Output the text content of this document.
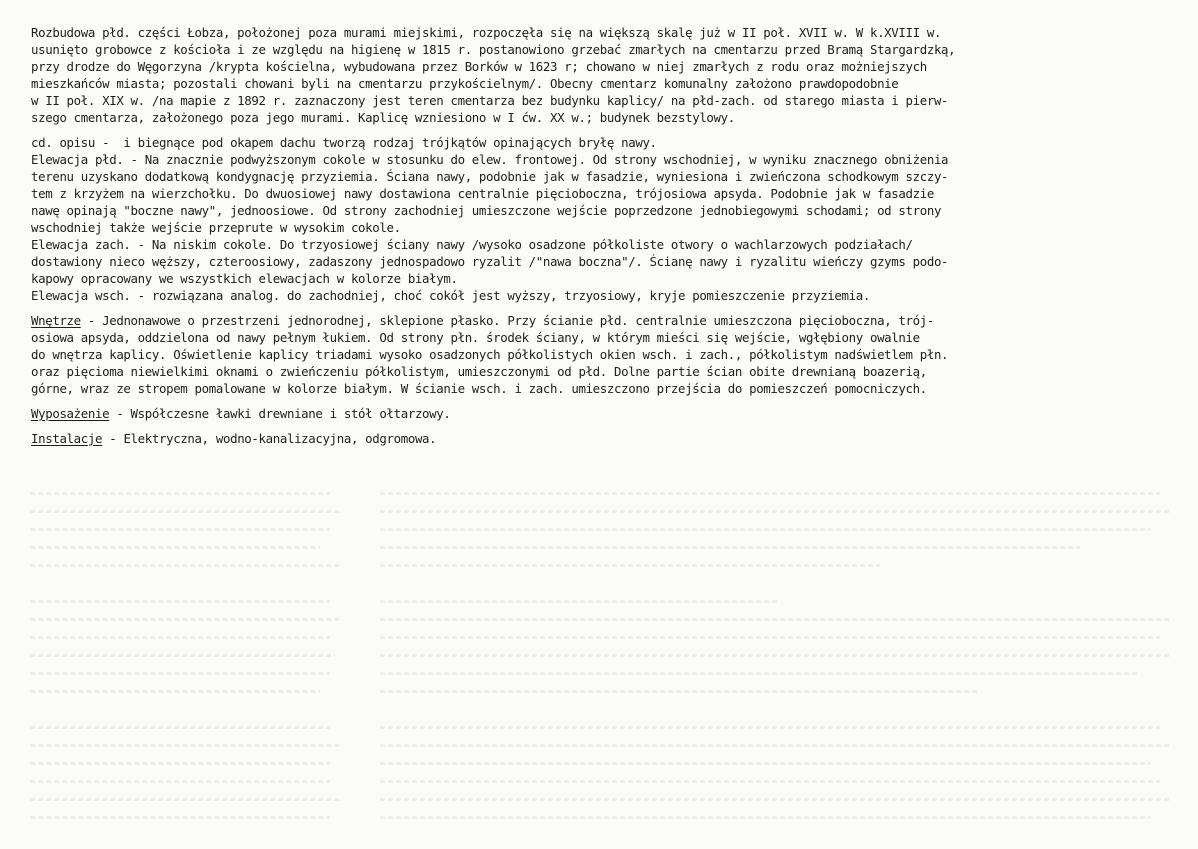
Rozbudowa płd. części Łobza, położonej poza murami miejskimi, rozpoczęła się na większą skalę już w II poł. XVII w. W k.XVIII w.
usunięto grobowce z kościoła i ze względu na higienę w 1815 r. postanowiono grzebać zmarłych na cmentarzu przed Bramą Stargardzką,
przy drodze do Węgorzyna /krypta kościelna, wybudowana przez Borków w 1623 r; chowano w niej zmarłych z rodu oraz możniejszych
mieszkańców miasta; pozostali chowani byli na cmentarzu przykościelnym/. Obecny cmentarz komunalny założono prawdopodobnie
w II poł. XIX w. /na mapie z 1892 r. zaznaczony jest teren cmentarza bez budynku kaplicy/ na płd-zach. od starego miasta i pierw-
szego cmentarza, założonego poza jego murami. Kaplicę wzniesiono w I ćw. XX w.; budynek bezstylowy.
cd. opisu -  i biegnące pod okapem dachu tworzą rodzaj trójkątów opinających bryłę nawy.
Elewacja płd. - Na znacznie podwyższonym cokole w stosunku do elew. frontowej. Od strony wschodniej, w wyniku znacznego obniżenia
terenu uzyskano dodatkową kondygnację przyziemia. Ściana nawy, podobnie jak w fasadzie, wyniesiona i zwieńczona schodkowym szczy-
tem z krzyżem na wierzchołku. Do dwuosiowej nawy dostawiona centralnie pięcioboczna, trójosiowa apsyda. Podobnie jak w fasadzie
nawę opinają "boczne nawy", jednoosiowe. Od strony zachodniej umieszczone wejście poprzedzone jednobiegowymi schodami; od strony
wschodniej także wejście przeprute w wysokim cokole.
Elewacja zach. - Na niskim cokole. Do trzyosiowej ściany nawy /wysoko osadzone półkoliste otwory o wachlarzowych podziałach/
dostawiony nieco węższy, czteroosiowy, zadaszony jednospadowo ryzalit /"nawa boczna"/. Ścianę nawy i ryzalitu wieńczy gzyms podo-
kapowy opracowany we wszystkich elewacjach w kolorze białym.
Elewacja wsch. - rozwiązana analog. do zachodniej, choć cokół jest wyższy, trzyosiowy, kryje pomieszczenie przyziemia.
Wnętrze - Jednonawowe o przestrzeni jednorodnej, sklepione płasko. Przy ścianie płd. centralnie umieszczona pięcioboczna, trój-
osiowa apsyda, oddzielona od nawy pełnym łukiem. Od strony płn. środek ściany, w którym mieści się wejście, wgłębiony owalnie
do wnętrza kaplicy. Oświetlenie kaplicy triadami wysoko osadzonych półkolistych okien wsch. i zach., półkolistym nadświetlem płn.
oraz pięcioma niewielkimi oknami o zwieńczeniu półkolistym, umieszczonymi od płd. Dolne partie ścian obite drewnianą boazerią,
górne, wraz ze stropem pomalowane w kolorze białym. W ścianie wsch. i zach. umieszczono przejścia do pomieszczeń pomocniczych.
Wyposażenie - Współczesne ławki drewniane i stół ołtarzowy.
Instalacje - Elektryczna, wodno-kanalizacyjna, odgromowa.
